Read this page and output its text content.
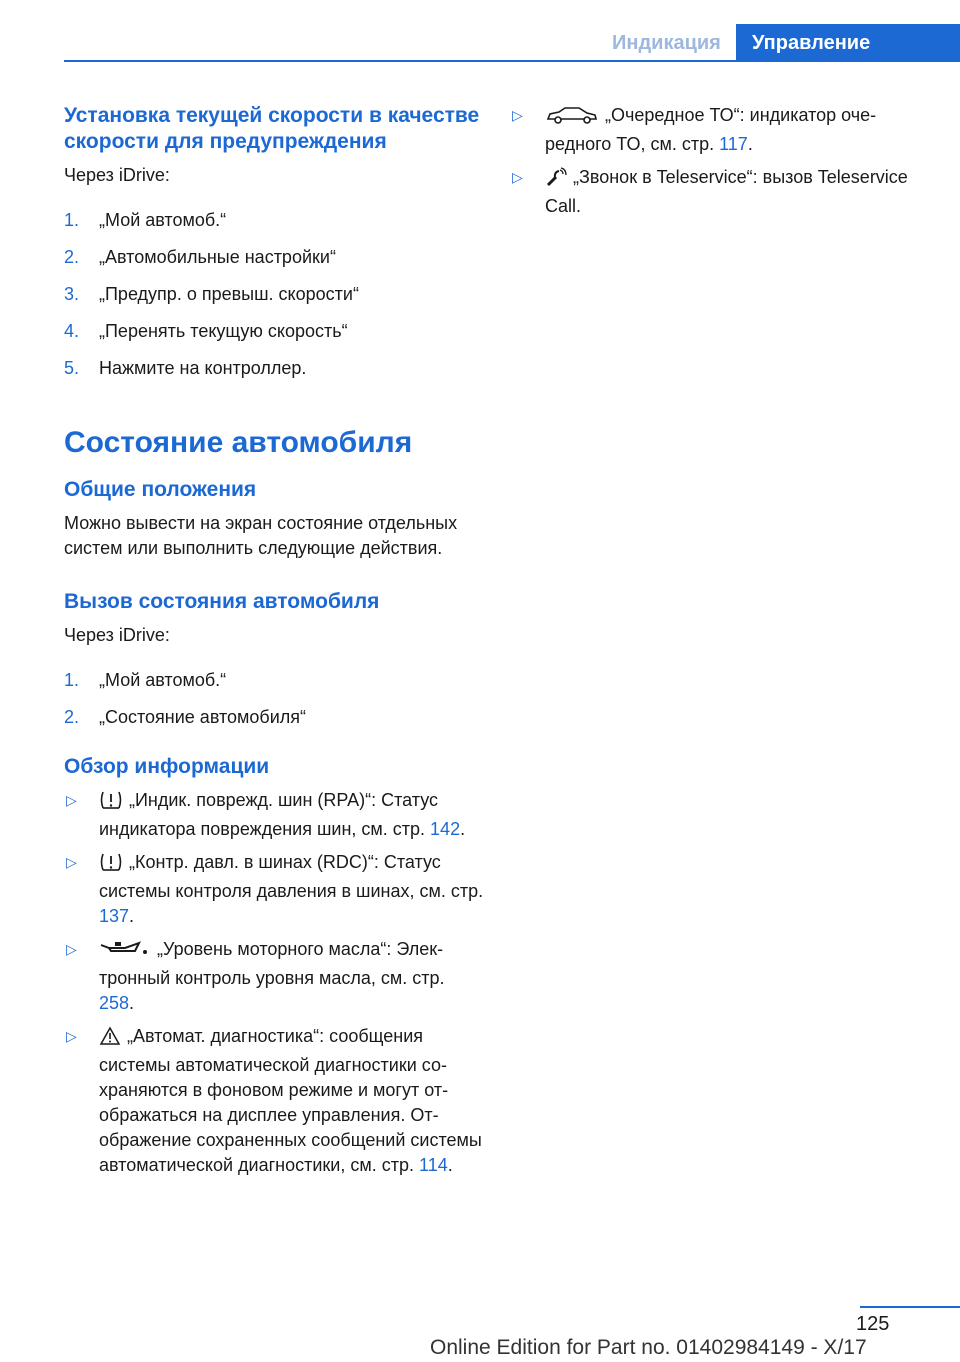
Индикация	Управление
Установка текущей скорости в качестве скорости для предупреждения
Через iDrive:
1. „Мой автомоб.“
2. „Автомобильные настройки“
3. „Предупр. о превыш. скорости“
4. „Перенять текущую скорость“
5. Нажмите на контроллер.
Состояние автомобиля
Общие положения
Можно вывести на экран состояние отдельных систем или выполнить следующие действия.
Вызов состояния автомобиля
Через iDrive:
1. „Мой автомоб.“
2. „Состояние автомобиля“
Обзор информации
▷	„Индик. поврежд. шин (RPA)“: Статус индикатора повреждения шин, см. стр. 142.
▷	„Контр. давл. в шинах (RDC)“: Статус системы контроля давления в шинах, см. стр. 137.
▷	„Уровень моторного масла“: Электронный контроль уровня масла, см. стр. 258.
▷	„Автомат. диагностика“: сообщения системы автоматической диагностики сохраняются в фоновом режиме и могут отображаться на дисплее управления. Отображение сохраненных сообщений системы автоматической диагностики, см. стр. 114.
▷	„Очередное ТО“: индикатор очередного ТО, см. стр. 117.
▷	„Звонок в Teleservice“: вызов Teleservice Call.
125
Online Edition for Part no. 01402984149 - X/17
